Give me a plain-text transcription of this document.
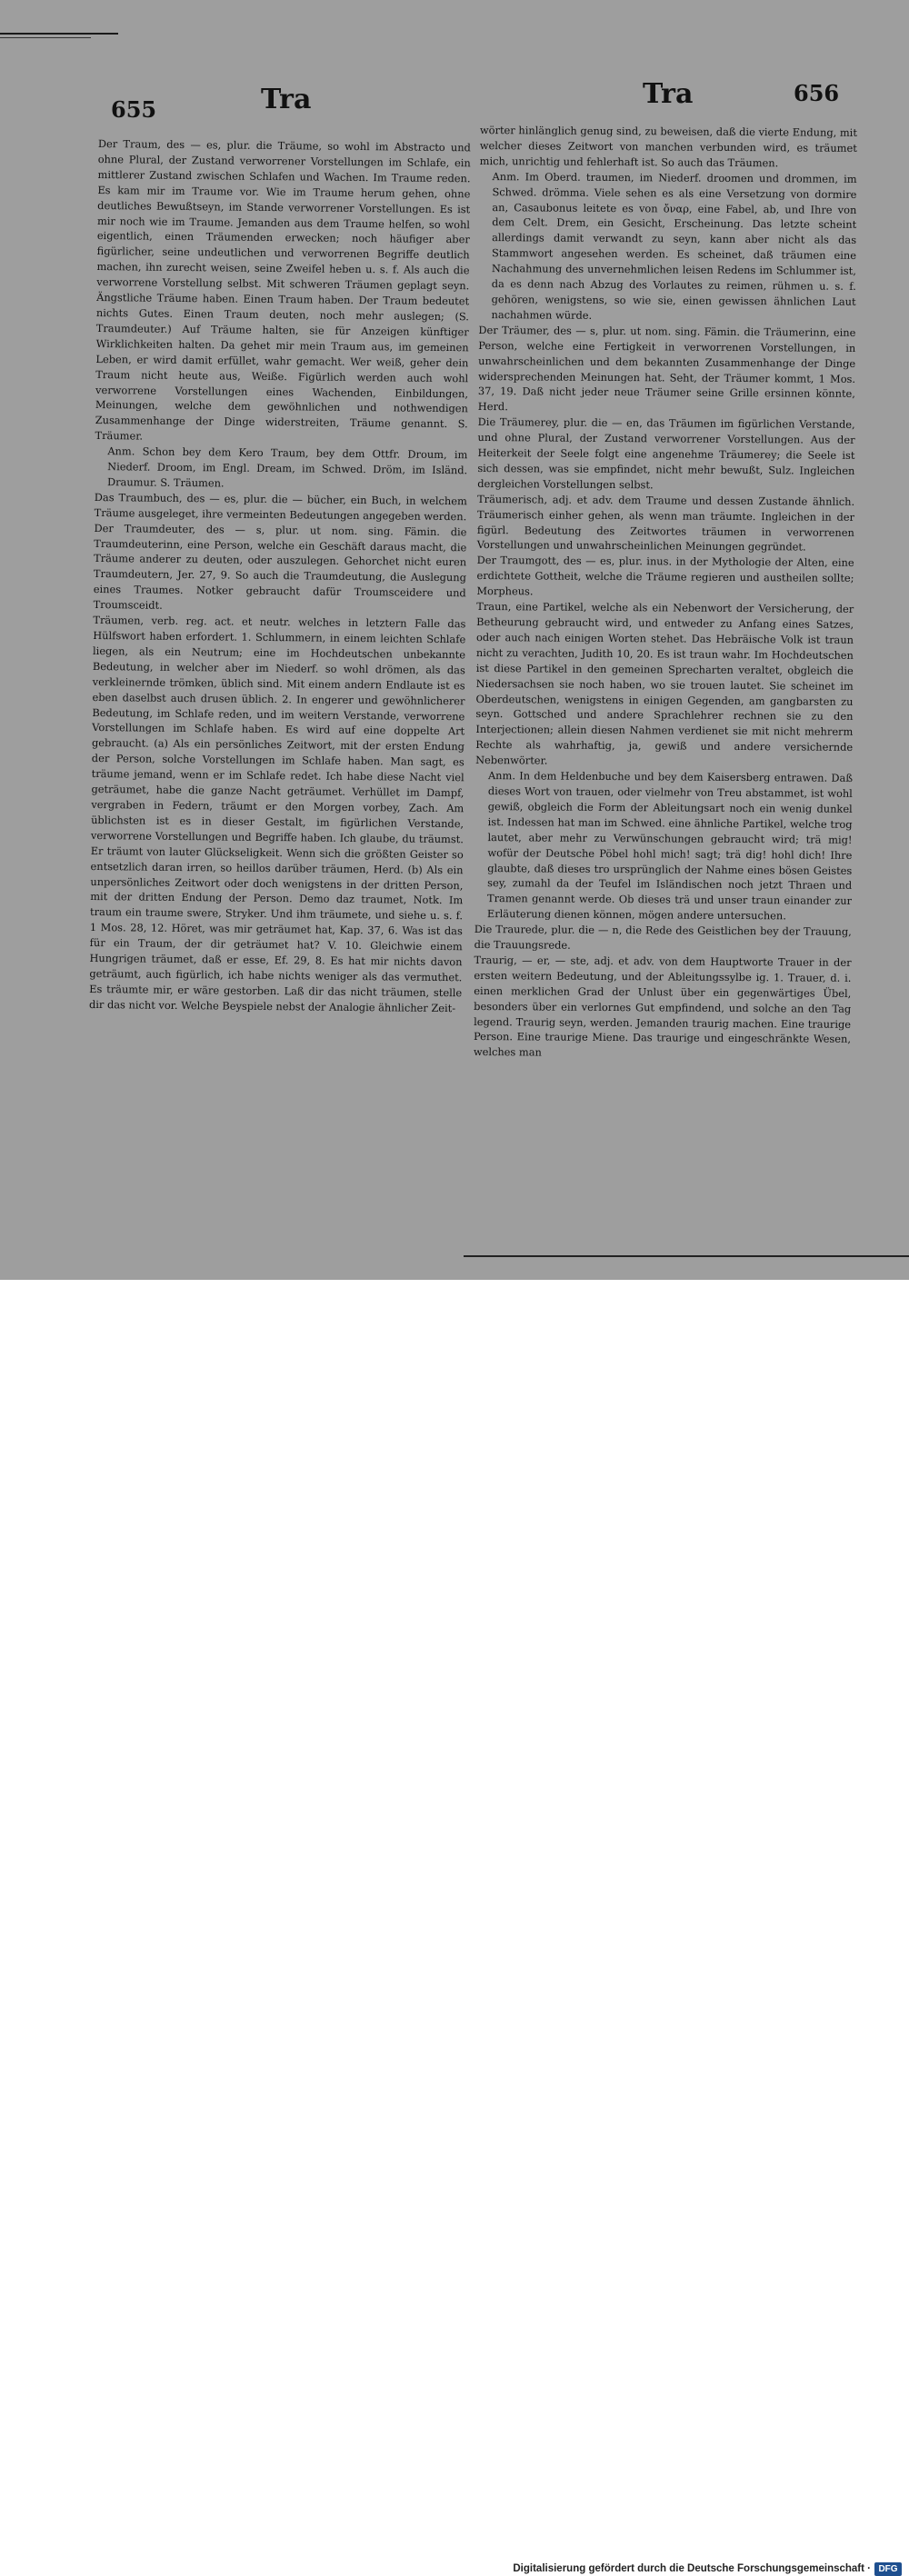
655	Tra	Tra	656

Der Traum, des — es, plur. die Träume, so wohl im Abstracto und ohne Plural, der Zustand verworrener Vorstellungen im Schlafe, ein mittlerer Zustand zwischen Schlafen und Wachen. Im Traume reden. Es kam mir im Traume vor. Wie im Traume herum gehen, ohne deutliches Bewußtseyn, im Stande verworrener Vorstellungen. Es ist mir noch wie im Traume. Jemanden aus dem Traume helfen, so wohl eigentlich, einen Träumenden erwecken; noch häufiger aber figürlicher, seine undeutlichen und verworrenen Begriffe deutlich machen, ihn zurecht weisen, seine Zweifel heben u. s. f. Als auch die verworrene Vorstellung selbst. Mit schweren Träumen geplagt seyn. Ängstliche Träume haben. Einen Traum haben. Der Traum bedeutet nichts Gutes. Einen Traum deuten, noch mehr auslegen; (S. Traumdeuter.) Auf Träume halten, sie für Anzeigen künftiger Wirklichkeiten halten. Da gehet mir mein Traum aus, im gemeinen Leben, er wird damit erfüllet, wahr gemacht. Wer weiß, geher dein Traum nicht heute aus, Weiße. Figürlich werden auch wohl verworrene Vorstellungen eines Wachenden, Einbildungen, Meinungen, welche dem gewöhnlichen und nothwendigen Zusammenhange der Dinge widerstreiten, Träume genannt. S. Träumer.

Anm. Schon bey dem Kero Traum, bey dem Ottfr. Droum, im Niederf. Droom, im Engl. Dream, im Schwed. Dröm, im Isländ. Draumur. S. Träumen.

Das Traumbuch, des — es, plur. die — bücher, ein Buch, in welchem Träume ausgeleget, ihre vermeinten Bedeutungen angegeben werden.

Der Traumdeuter, des — s, plur. ut nom. sing. Fämin. die Traumdeuterinn, eine Person, welche ein Geschäft daraus macht, die Träume anderer zu deuten, oder auszulegen. Gehorchet nicht euren Traumdeutern, Jer. 27, 9. So auch die Traumdeutung, die Auslegung eines Traumes. Notker gebraucht dafür Troumsceidere und Troumsceidt.

Träumen, verb. reg. act. et neutr. welches in letztern Falle das Hülfswort haben erfordert. 1. Schlummern, in einem leichten Schlafe liegen, als ein Neutrum; eine im Hochdeutschen unbekannte Bedeutung, in welcher aber im Niederf. so wohl drömen, als das verkleinernde trömken, üblich sind. Mit einem andern Endlaute ist es eben daselbst auch drusen üblich. 2. In engerer und gewöhnlicherer Bedeutung, im Schlafe reden, und im weitern Verstande, verworrene Vorstellungen im Schlafe haben. Es wird auf eine doppelte Art gebraucht. (a) Als ein persönliches Zeitwort, mit der ersten Endung der Person, solche Vorstellungen im Schlafe haben. Man sagt, es träume jemand, wenn er im Schlafe redet. Ich habe diese Nacht viel geträumet, habe die ganze Nacht geträumet. Verhüllet im Dampf, vergraben in Federn, träumt er den Morgen vorbey, Zach. Am üblichsten ist es in dieser Gestalt, im figürlichen Verstande, verworrene Vorstellungen und Begriffe haben. Ich glaube, du träumst. Er träumt von lauter Glückseligkeit. Wenn sich die größten Geister so entsetzlich daran irren, so heillos darüber träumen, Herd. (b) Als ein unpersönliches Zeitwort oder doch wenigstens in der dritten Person, mit der dritten Endung der Person. Demo daz traumet, Notk. Im traum ein traume swere, Stryker. Und ihm träumete, und siehe u. s. f. 1 Mos. 28, 12. Höret, was mir geträumet hat, Kap. 37, 6. Was ist das für ein Traum, der dir geträumet hat? V. 10. Gleichwie einem Hungrigen träumet, daß er esse, Ef. 29, 8. Es hat mir nichts davon geträumt, auch figürlich, ich habe nichts weniger als das vermuthet. Es träumte mir, er wäre gestorben. Laß dir das nicht träumen, stelle dir das nicht vor. Welche Beyspiele nebst der Analogie ähnlicher Zeit-

wörter hinlänglich genug sind, zu beweisen, daß die vierte Endung, mit welcher dieses Zeitwort von manchen verbunden wird, es träumet mich, unrichtig und fehlerhaft ist. So auch das Träumen.

Anm. Im Oberd. traumen, im Niederf. droomen und drommen, im Schwed. drömma. Viele sehen es als eine Versetzung von dormire an, Casaubonus leitete es von ὄναρ, eine Fabel, ab, und Ihre von dem Celt. Drem, ein Gesicht, Erscheinung. Das letzte scheint allerdings damit verwandt zu seyn, kann aber nicht als das Stammwort angesehen werden. Es scheinet, daß träumen eine Nachahmung des unvernehmlichen leisen Redens im Schlummer ist, da es denn nach Abzug des Vorlautes zu reimen, rühmen u. s. f. gehören, wenigstens, so wie sie, einen gewissen ähnlichen Laut nachahmen würde.

Der Träumer, des — s, plur. ut nom. sing. Fämin. die Träumerinn, eine Person, welche eine Fertigkeit in verworrenen Vorstellungen, in unwahrscheinlichen und dem bekannten Zusammenhange der Dinge widersprechenden Meinungen hat. Seht, der Träumer kommt, 1 Mos. 37, 19. Daß nicht jeder neue Träumer seine Grille ersinnen könnte, Herd.

Die Träumerey, plur. die — en, das Träumen im figürlichen Verstande, und ohne Plural, der Zustand verworrener Vorstellungen. Aus der Heiterkeit der Seele folgt eine angenehme Träumerey; die Seele ist sich dessen, was sie empfindet, nicht mehr bewußt, Sulz. Ingleichen dergleichen Vorstellungen selbst.

Träumerisch, adj. et adv. dem Traume und dessen Zustande ähnlich. Träumerisch einher gehen, als wenn man träumte. Ingleichen in der figürl. Bedeutung des Zeitwortes träumen in verworrenen Vorstellungen und unwahrscheinlichen Meinungen gegründet.

Der Traumgott, des — es, plur. inus. in der Mythologie der Alten, eine erdichtete Gottheit, welche die Träume regieren und austheilen sollte; Morpheus.

Traun, eine Partikel, welche als ein Nebenwort der Versicherung, der Betheurung gebraucht wird, und entweder zu Anfang eines Satzes, oder auch nach einigen Worten stehet. Das Hebräische Volk ist traun nicht zu verachten, Judith 10, 20. Es ist traun wahr. Im Hochdeutschen ist diese Partikel in den gemeinen Sprecharten veraltet, obgleich die Niedersachsen sie noch haben, wo sie trouen lautet. Sie scheinet im Oberdeutschen, wenigstens in einigen Gegenden, am gangbarsten zu seyn. Gottsched und andere Sprachlehrer rechnen sie zu den Interjectionen; allein diesen Nahmen verdienet sie mit nicht mehrerm Rechte als wahrhaftig, ja, gewiß und andere versichernde Nebenwörter.

Anm. In dem Heldenbuche und bey dem Kaisersberg entrawen. Daß dieses Wort von trauen, oder vielmehr von Treu abstammet, ist wohl gewiß, obgleich die Form der Ableitungsart noch ein wenig dunkel ist. Indessen hat man im Schwed. eine ähnliche Partikel, welche trog lautet, aber mehr zu Verwünschungen gebraucht wird; trä mig! wofür der Deutsche Pöbel hohl mich! sagt; trä dig! hohl dich! Ihre glaubte, daß dieses tro ursprünglich der Nahme eines bösen Geistes sey, zumahl da der Teufel im Isländischen noch jetzt Thraen und Tramen genannt werde. Ob dieses trä und unser traun einander zur Erläuterung dienen können, mögen andere untersuchen.

Die Traurede, plur. die — n, die Rede des Geistlichen bey der Trauung, die Trauungsrede.

Traurig, — er, — ste, adj. et adv. von dem Hauptworte Trauer in der ersten weitern Bedeutung, und der Ableitungssylbe ig. 1. Trauer, d. i. einen merklichen Grad der Unlust über ein gegenwärtiges Übel, besonders über ein verlornes Gut empfindend, und solche an den Tag legend. Traurig seyn, werden. Jemanden traurig machen. Eine traurige Person. Eine traurige Miene. Das traurige und eingeschränkte Wesen, welches man

Digitalisierung gefördert durch die Deutsche Forschungsgemeinschaft · DFG
